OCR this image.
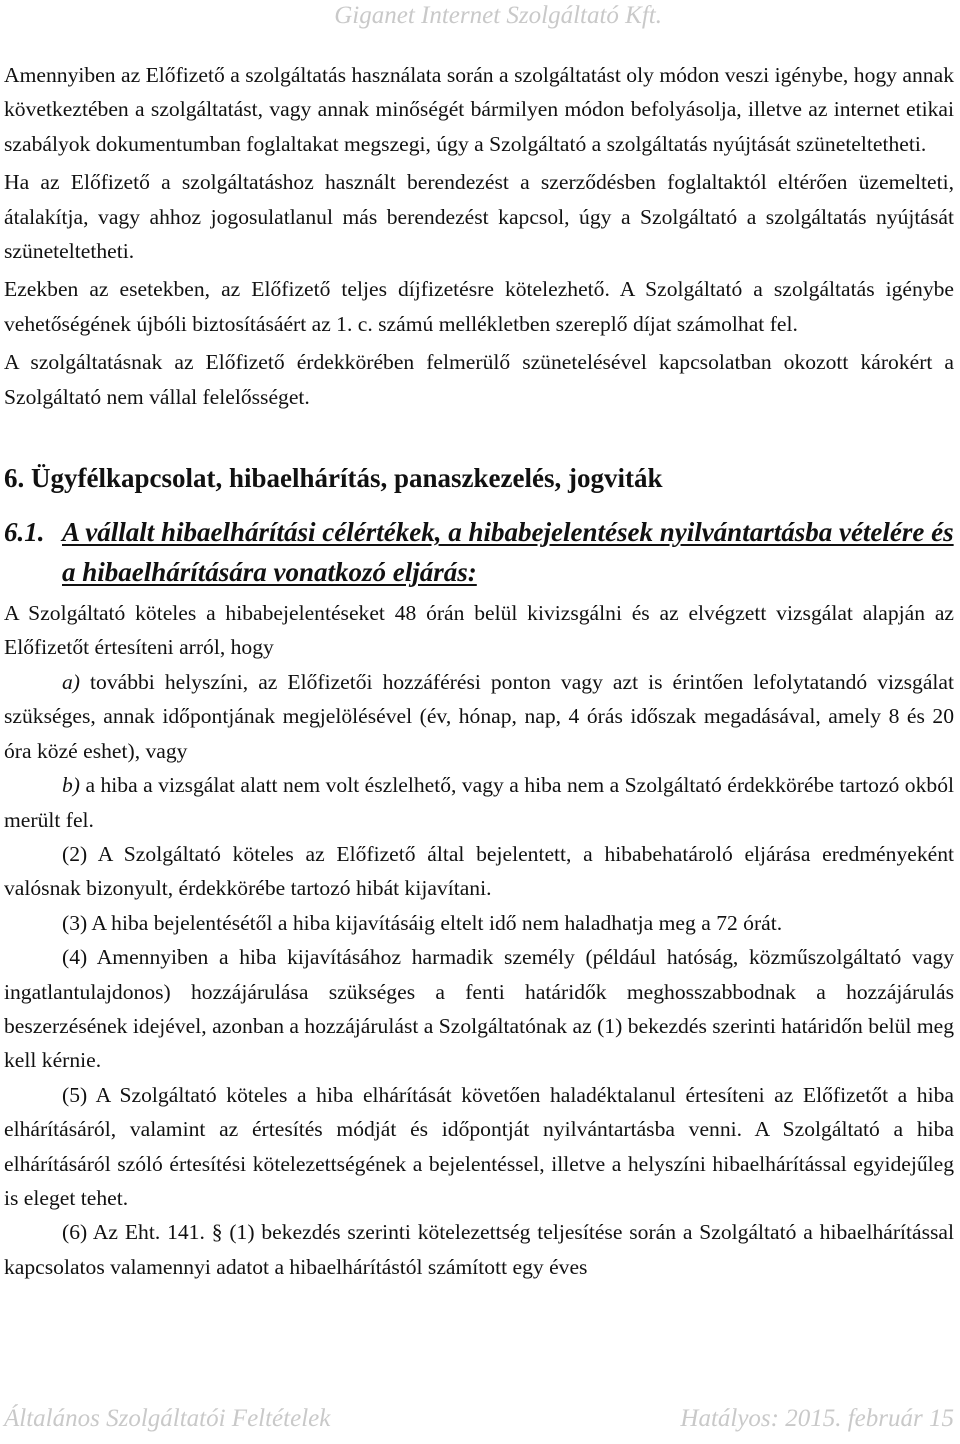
Giganet Internet Szolgáltató Kft.

Amennyiben az Előfizető a szolgáltatás használata során a szolgáltatást oly módon veszi igénybe, hogy annak következtében a szolgáltatást, vagy annak minőségét bármilyen módon befolyásolja, illetve az internet etikai szabályok dokumentumban foglaltakat megszegi, úgy a Szolgáltató a szolgáltatás nyújtását szüneteltetheti.

Ha az Előfizető a szolgáltatáshoz használt berendezést a szerződésben foglaltaktól eltérően üzemelteti, átalakítja, vagy ahhoz jogosulatlanul más berendezést kapcsol, úgy a Szolgáltató a szolgáltatás nyújtását szüneteltetheti.

Ezekben az esetekben, az Előfizető teljes díjfizetésre kötelezhető. A Szolgáltató a szolgáltatás igénybe vehetőségének újbóli biztosításáért az 1. c. számú mellékletben szereplő díjat számolhat fel.

A szolgáltatásnak az Előfizető érdekkörében felmerülő szünetelésével kapcsolatban okozott károkért a Szolgáltató nem vállal felelősséget.

6. Ügyfélkapcsolat, hibaelhárítás, panaszkezelés, jogviták
6.1. A vállalt hibaelhárítási célértékek, a hibabejelentések nyilvántartásba vételére és a hibaelhárítására vonatkozó eljárás:

A Szolgáltató köteles a hibabejelentéseket 48 órán belül kivizsgálni és az elvégzett vizsgálat alapján az Előfizetőt értesíteni arról, hogy

a) további helyszíni, az Előfizetői hozzáférési ponton vagy azt is érintően lefolytatandó vizsgálat szükséges, annak időpontjának megjelölésével (év, hónap, nap, 4 órás időszak megadásával, amely 8 és 20 óra közé eshet), vagy

b) a hiba a vizsgálat alatt nem volt észlelhető, vagy a hiba nem a Szolgáltató érdekkörébe tartozó okból merült fel.

(2) A Szolgáltató köteles az Előfizető által bejelentett, a hibabehatároló eljárása eredményeként valósnak bizonyult, érdekkörébe tartozó hibát kijavítani.

(3) A hiba bejelentésétől a hiba kijavításáig eltelt idő nem haladhatja meg a 72 órát.

(4) Amennyiben a hiba kijavításához harmadik személy (például hatóság, közműszolgáltató vagy ingatlantulajdonos) hozzájárulása szükséges a fenti határidők meghosszabbodnak a hozzájárulás beszerzésének idejével, azonban a hozzájárulást a Szolgáltatónak az (1) bekezdés szerinti határidőn belül meg kell kérnie.

(5) A Szolgáltató köteles a hiba elhárítását követően haladéktalanul értesíteni az Előfizetőt a hiba elhárításáról, valamint az értesítés módját és időpontját nyilvántartásba venni. A Szolgáltató a hiba elhárításáról szóló értesítési kötelezettségének a bejelentéssel, illetve a helyszíni hibaelhárítással egyidejűleg is eleget tehet.

(6) Az Eht. 141. § (1) bekezdés szerinti kötelezettség teljesítése során a Szolgáltató a hibaelhárítással kapcsolatos valamennyi adatot a hibaelhárítástól számított egy éves

Általános Szolgáltatói Feltételek	Hatályos: 2015. február 15
